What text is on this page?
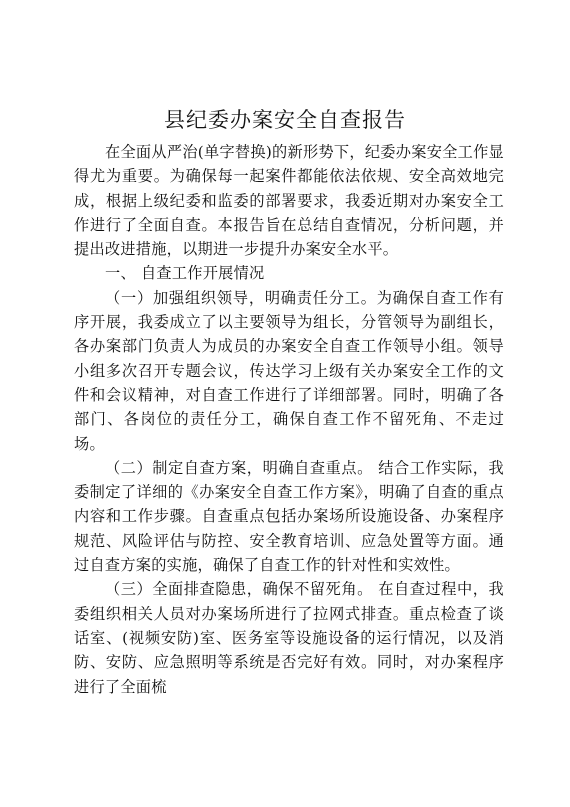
县纪委办案安全自查报告

在全面从严治(单字替换)的新形势下，纪委办案安全工作显得尤为重要。为确保每一起案件都能依法依规、安全高效地完成，根据上级纪委和监委的部署要求，我委近期对办案安全工作进行了全面自查。本报告旨在总结自查情况，分析问题，并提出改进措施，以期进一步提升办案安全水平。

一、 自查工作开展情况

（一）加强组织领导，明确责任分工。为确保自查工作有序开展，我委成立了以主要领导为组长，分管领导为副组长，各办案部门负责人为成员的办案安全自查工作领导小组。领导小组多次召开专题会议，传达学习上级有关办案安全工作的文件和会议精神，对自查工作进行了详细部署。同时，明确了各部门、各岗位的责任分工，确保自查工作不留死角、不走过场。

（二）制定自查方案，明确自查重点。 结合工作实际，我委制定了详细的《办案安全自查工作方案》，明确了自查的重点内容和工作步骤。自查重点包括办案场所设施设备、办案程序规范、风险评估与防控、安全教育培训、应急处置等方面。通过自查方案的实施，确保了自查工作的针对性和实效性。

（三）全面排查隐患，确保不留死角。 在自查过程中，我委组织相关人员对办案场所进行了拉网式排查。重点检查了谈话室、(视频安防)室、医务室等设施设备的运行情况，以及消防、安防、应急照明等系统是否完好有效。同时，对办案程序进行了全面梳
